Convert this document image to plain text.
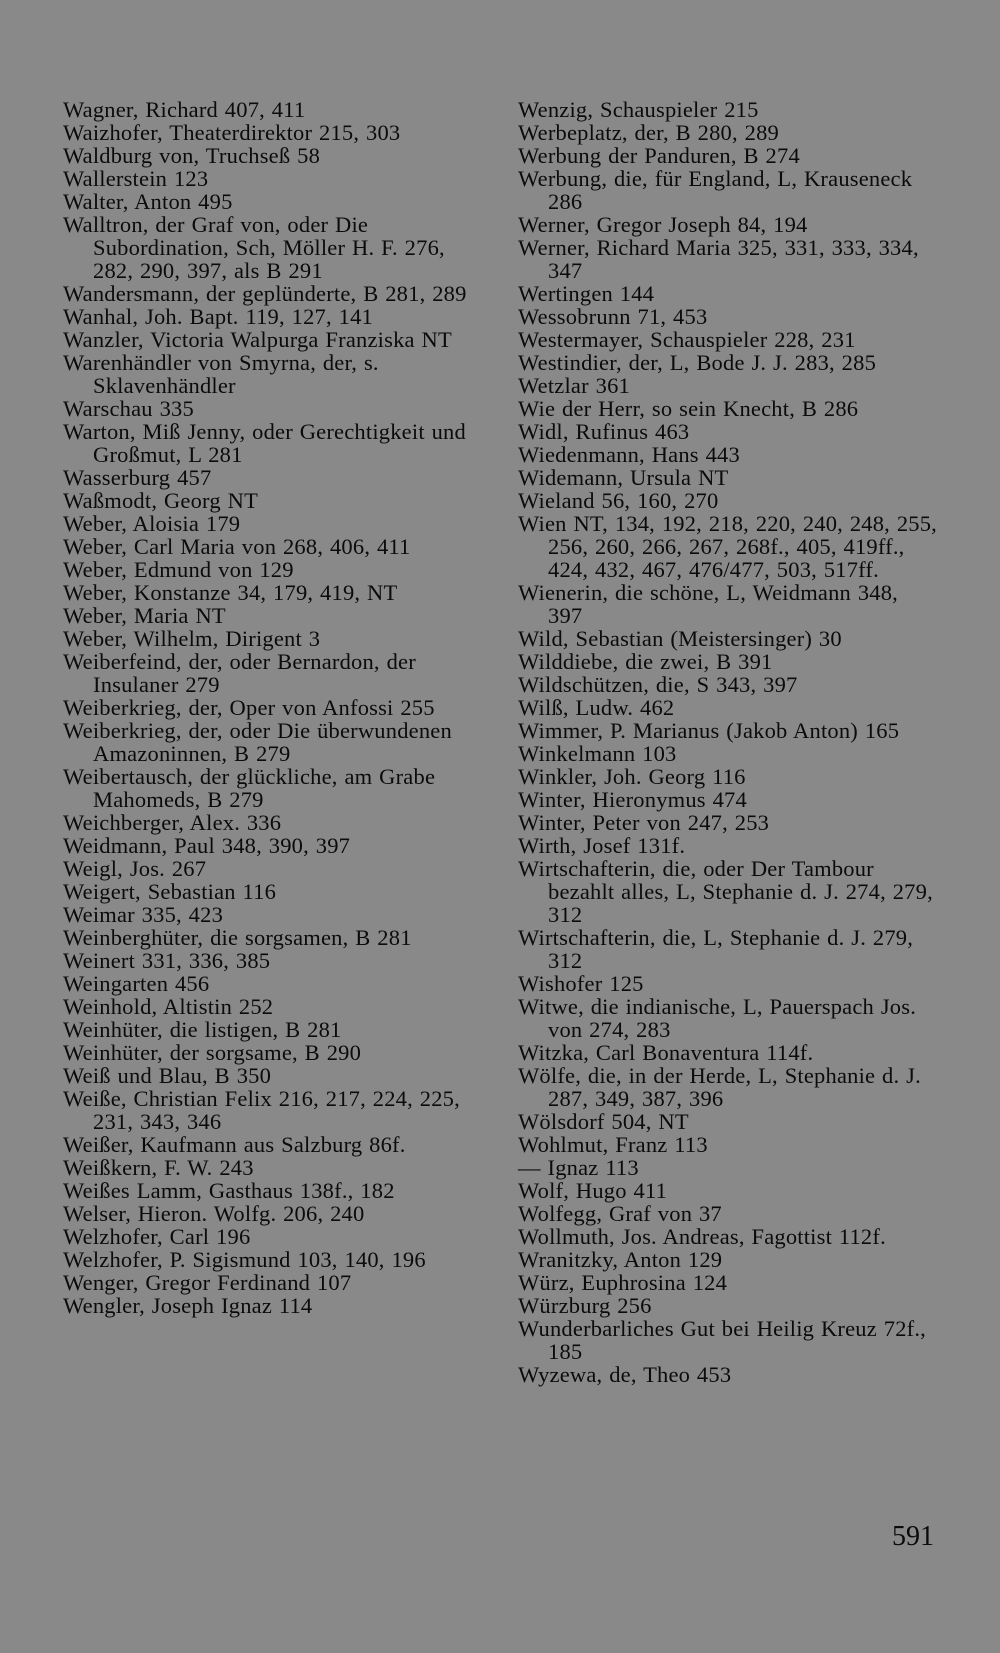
Wagner, Richard 407, 411
Waizhofer, Theaterdirektor 215, 303
Waldburg von, Truchseß 58
Wallerstein 123
Walter, Anton 495
Walltron, der Graf von, oder Die Subordination, Sch, Möller H. F. 276, 282, 290, 397, als B 291
Wandersmann, der geplünderte, B 281, 289
Wanhal, Joh. Bapt. 119, 127, 141
Wanzler, Victoria Walpurga Franziska NT
Warenhändler von Smyrna, der, s. Sklavenhändler
Warschau 335
Warton, Miß Jenny, oder Gerechtigkeit und Großmut, L 281
Wasserburg 457
Waßmodt, Georg NT
Weber, Aloisia 179
Weber, Carl Maria von 268, 406, 411
Weber, Edmund von 129
Weber, Konstanze 34, 179, 419, NT
Weber, Maria NT
Weber, Wilhelm, Dirigent 3
Weiberfeind, der, oder Bernardon, der Insulaner 279
Weiberkrieg, der, Oper von Anfossi 255
Weiberkrieg, der, oder Die überwundenen Amazoninnen, B 279
Weibertausch, der glückliche, am Grabe Mahomeds, B 279
Weichberger, Alex. 336
Weidmann, Paul 348, 390, 397
Weigl, Jos. 267
Weigert, Sebastian 116
Weimar 335, 423
Weinberghüter, die sorgsamen, B 281
Weinert 331, 336, 385
Weingarten 456
Weinhold, Altistin 252
Weinhüter, die listigen, B 281
Weinhüter, der sorgsame, B 290
Weiß und Blau, B 350
Weiße, Christian Felix 216, 217, 224, 225, 231, 343, 346
Weißer, Kaufmann aus Salzburg 86f.
Weißkern, F. W. 243
Weißes Lamm, Gasthaus 138f., 182
Welser, Hieron. Wolfg. 206, 240
Welzhofer, Carl 196
Welzhofer, P. Sigismund 103, 140, 196
Wenger, Gregor Ferdinand 107
Wengler, Joseph Ignaz 114
Wenzig, Schauspieler 215
Werbeplatz, der, B 280, 289
Werbung der Panduren, B 274
Werbung, die, für England, L, Krauseneck 286
Werner, Gregor Joseph 84, 194
Werner, Richard Maria 325, 331, 333, 334, 347
Wertingen 144
Wessobrunn 71, 453
Westermayer, Schauspieler 228, 231
Westindier, der, L, Bode J. J. 283, 285
Wetzlar 361
Wie der Herr, so sein Knecht, B 286
Widl, Rufinus 463
Wiedenmann, Hans 443
Widemann, Ursula NT
Wieland 56, 160, 270
Wien NT, 134, 192, 218, 220, 240, 248, 255, 256, 260, 266, 267, 268f., 405, 419ff., 424, 432, 467, 476/477, 503, 517ff.
Wienerin, die schöne, L, Weidmann 348, 397
Wild, Sebastian (Meistersinger) 30
Wilddiebe, die zwei, B 391
Wildschützen, die, S 343, 397
Wilß, Ludw. 462
Wimmer, P. Marianus (Jakob Anton) 165
Winkelmann 103
Winkler, Joh. Georg 116
Winter, Hieronymus 474
Winter, Peter von 247, 253
Wirth, Josef 131f.
Wirtschafterin, die, oder Der Tambour bezahlt alles, L, Stephanie d. J. 274, 279, 312
Wirtschafterin, die, L, Stephanie d. J. 279, 312
Wishofer 125
Witwe, die indianische, L, Pauerspach Jos. von 274, 283
Witzka, Carl Bonaventura 114f.
Wölfe, die, in der Herde, L, Stephanie d. J. 287, 349, 387, 396
Wölsdorf 504, NT
Wohlmut, Franz 113
— Ignaz 113
Wolf, Hugo 411
Wolfegg, Graf von 37
Wollmuth, Jos. Andreas, Fagottist 112f.
Wranitzky, Anton 129
Würz, Euphrosina 124
Würzburg 256
Wunderbarliches Gut bei Heilig Kreuz 72f., 185
Wyzewa, de, Theo 453
591
